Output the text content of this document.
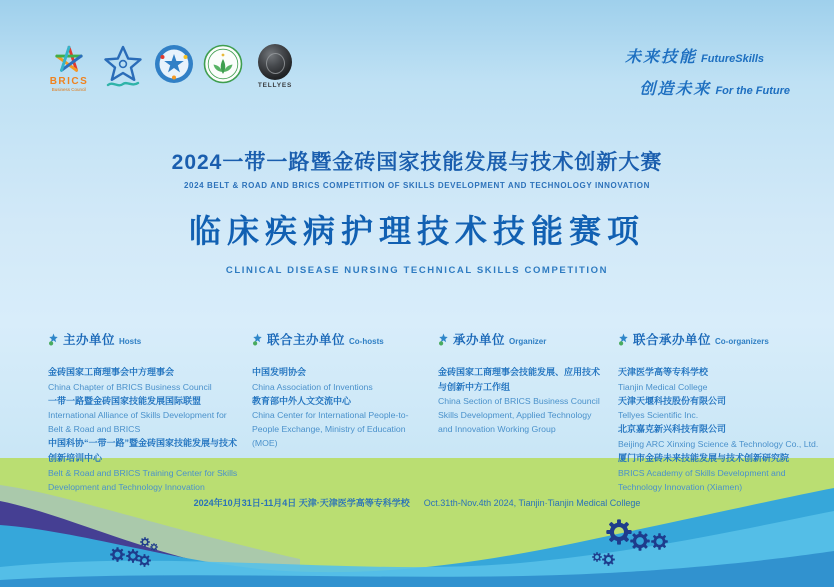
BRICS
Business Council
TELLYES
未来技能 FutureSkills
创造未来 For the Future
2024一带一路暨金砖国家技能发展与技术创新大赛
2024 BELT & ROAD AND BRICS COMPETITION OF SKILLS DEVELOPMENT AND TECHNOLOGY INNOVATION
临床疾病护理技术技能赛项
CLINICAL DISEASE NURSING TECHNICAL SKILLS COMPETITION
主办单位 Hosts
金砖国家工商理事会中方理事会
China Chapter of BRICS Business Council
一带一路暨金砖国家技能发展国际联盟
International Alliance of Skills Development for Belt & Road and BRICS
中国科协“一带一路”暨金砖国家技能发展与技术创新培训中心
Belt & Road and BRICS Training Center for Skills Development and Technology Innovation
联合主办单位 Co-hosts
中国发明协会
China Association of Inventions
教育部中外人文交流中心
China Center for International People-to-People Exchange, Ministry of Education (MOE)
承办单位 Organizer
金砖国家工商理事会技能发展、应用技术与创新中方工作组
China Section of BRICS Business Council Skills Development, Applied Technology and Innovation Working Group
联合承办单位 Co-organizers
天津医学高等专科学校
Tianjin Medical College
天津天堰科技股份有限公司
Tellyes Scientific Inc.
北京嘉克新兴科技有限公司
Beijing ARC Xinxing Science & Technology Co., Ltd.
厦门市金砖未来技能发展与技术创新研究院
BRICS Academy of Skills Development and Technology Innovation (Xiamen)
2024年10月31日-11月4日 天津·天津医学高等专科学校 Oct.31th-Nov.4th 2024, Tianjin·Tianjin Medical College
